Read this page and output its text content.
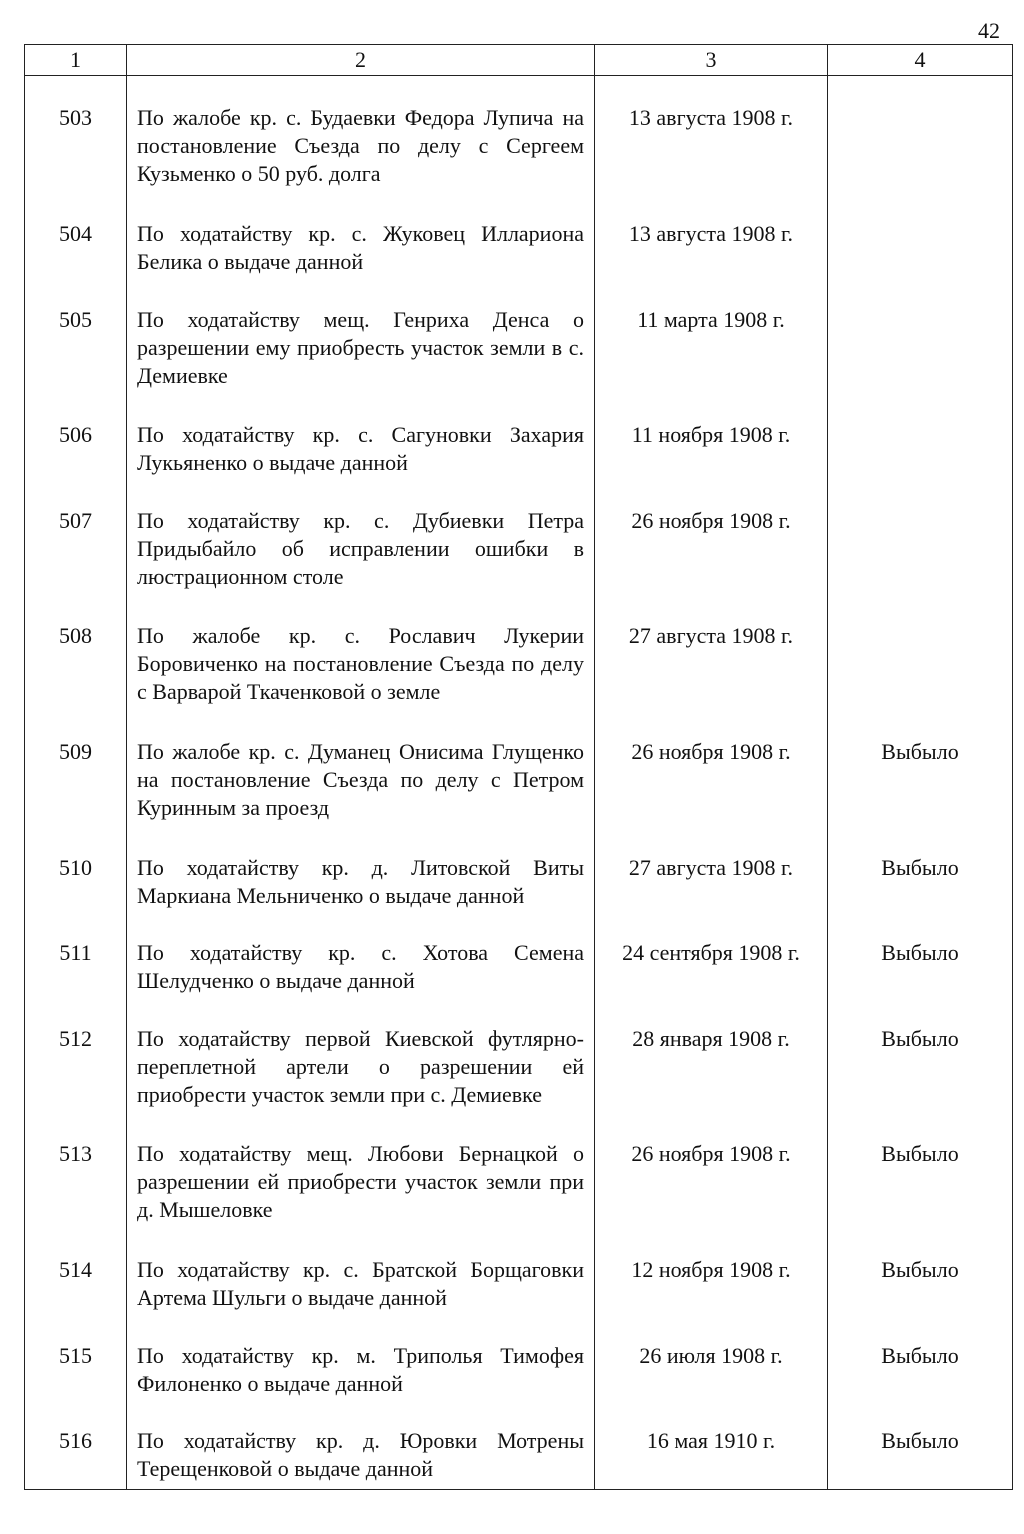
42
1	2	3	4

503	По жалобе кр. с. Будаевки Федора Лупича на постановление Съезда по делу с Сергеем Кузьменко о 50 руб. долга	13 августа 1908 г.	

504	По ходатайству кр. с. Жуковец Иллариона Белика о выдаче данной	13 августа 1908 г.	

505	По ходатайству мещ. Генриха Денса о разрешении ему приобресть участок земли в с. Демиевке	11 марта 1908 г.	

506	По ходатайству кр. с. Сагуновки Захария Лукьяненко о выдаче данной	11 ноября 1908 г.	

507	По ходатайству кр. с. Дубиевки Петра Придыбайло об исправлении ошибки в люстрационном столе	26 ноября 1908 г.	

508	По жалобе кр. с. Рославич Лукерии Боровиченко на постановление Съезда по делу с Варварой Ткаченковой о земле	27 августа 1908 г.	

509	По жалобе кр. с. Думанец Онисима Глущенко на постановление Съезда по делу с Петром Куринным за проезд	26 ноября 1908 г.	Выбыло

510	По ходатайству кр. д. Литовской Виты Маркиана Мельниченко о выдаче данной	27 августа 1908 г.	Выбыло

511	По ходатайству кр. с. Хотова Семена Шелудченко о выдаче данной	24 сентября 1908 г.	Выбыло

512	По ходатайству первой Киевской футлярно-переплетной артели о разрешении ей приобрести участок земли при с. Демиевке	28 января 1908 г.	Выбыло

513	По ходатайству мещ. Любови Бернацкой о разрешении ей приобрести участок земли при д. Мышеловке	26 ноября 1908 г.	Выбыло

514	По ходатайству кр. с. Братской Борщаговки Артема Шульги о выдаче данной	12 ноября 1908 г.	Выбыло

515	По ходатайству кр. м. Триполья Тимофея Филоненко о выдаче данной	26 июля 1908 г.	Выбыло

516	По ходатайству кр. д. Юровки Мотрены Терещенковой о выдаче данной	16 мая 1910 г.	Выбыло
